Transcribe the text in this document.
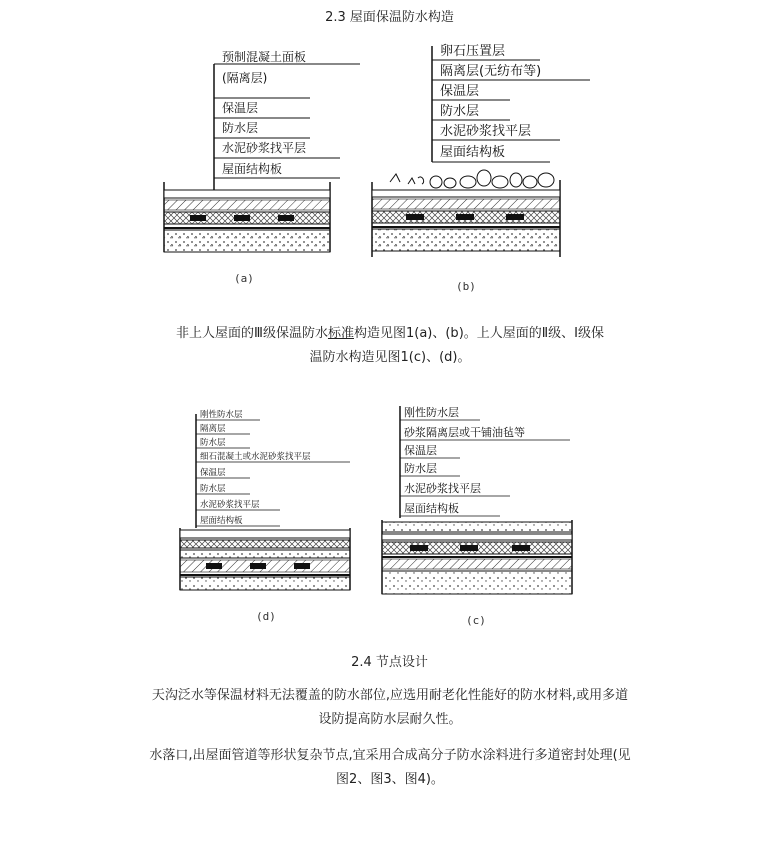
2.3 屋面保温防水构造
预制混凝土面板
(隔离层)
保温层
防水层
水泥砂浆找平层
屋面结构板
(a)
卵石压置层
隔离层(无纺布等)
保温层
防水层
水泥砂浆找平层
屋面结构板
(b)
非上人屋面的Ⅲ级保温防水标准构造见图1(a)、(b)。上人屋面的Ⅱ级、Ⅰ级保
温防水构造见图1(c)、(d)。
刚性防水层
隔离层
防水层
细石混凝土或水泥砂浆找平层
保温层
防水层
水泥砂浆找平层
屋面结构板
(d)
刚性防水层
砂浆隔离层或干铺油毡等
保温层
防水层
水泥砂浆找平层
屋面结构板
(c)
2.4 节点设计
天沟泛水等保温材料无法覆盖的防水部位,应选用耐老化性能好的防水材料,或用多道
设防提高防水层耐久性。
水落口,出屋面管道等形状复杂节点,宜采用合成高分子防水涂料进行多道密封处理(见
图2、图3、图4)。
